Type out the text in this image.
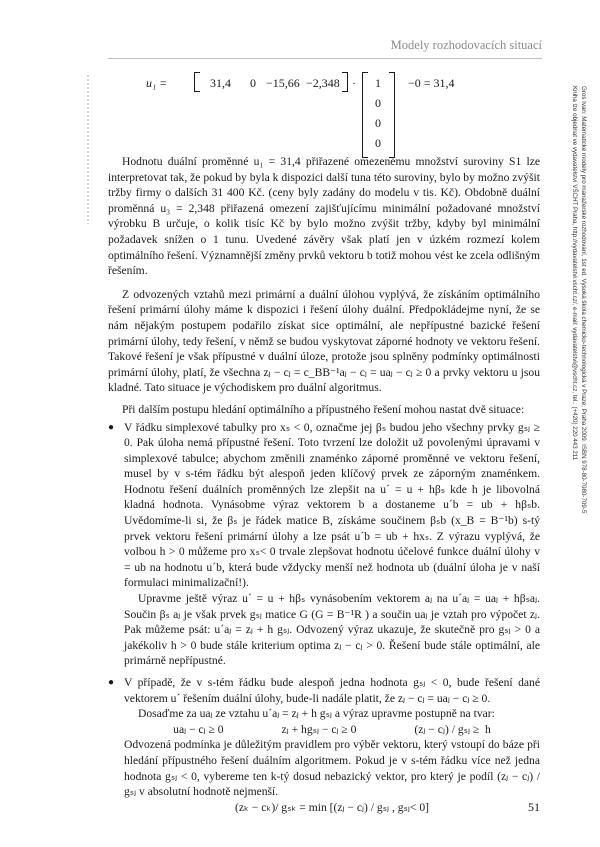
Modely rozhodovacích situací
Gros Ivan: Matematické modely pro manažerské rozhodování, 1st ed. Vysoká škola chemicko-technologická v Praze, Praha 2009. ISBN 978-80-7080-709-5
Kniha lze objednat ve vydavatelství VŠCHT Praha, http://vydavatelstvi.vscht.cz/, e-mail: vydavatelstvi@vscht.cz, tel.: (+420) 220 443 211
u₁ =	31,4 0 −15,66 −2,348 ·	1
0
0
0
−0 = 31,4

Hodnotu duální proměnné u₁ = 31,4 přiřazené omezenému množství suroviny S1 lze interpretovat tak, že pokud by byla k dispozici další tuna této suroviny, bylo by možno zvýšit tržby firmy o dalších 31 400 Kč. (ceny byly zadány do modelu v tis. Kč). Obdobně duální proměnná u₃ = 2,348 přiřazená omezení zajišťujícímu minimální požadované množství výrobku B určuje, o kolik tisíc Kč by bylo možno zvýšit tržby, kdyby byl minimální požadavek snížen o 1 tunu. Uvedené závěry však platí jen v úzkém rozmezí kolem optimálního řešení. Významnější změny prvků vektoru b totiž mohou vést ke zcela odlišným řešením.

Z odvozených vztahů mezi primární a duální úlohou vyplývá, že získáním optimálního řešení primární úlohy máme k dispozici i řešení úlohy duální. Předpokládejme nyní, že se nám nějakým postupem podařilo získat sice optimální, ale nepřípustné bazické řešení primární úlohy, tedy řešení, v němž se budou vyskytovat záporné hodnoty ve vektoru řešení. Takové řešení je však přípustné v duální úloze, protože jsou splněny podmínky optimálnosti primární úlohy, platí, že všechna zⱼ − cⱼ = c_BB⁻¹aⱼ − cⱼ = uaⱼ − cⱼ ≥ 0 a prvky vektoru u jsou kladné. Tato situace je východiskem pro duální algoritmus.

Při dalším postupu hledání optimálního a přípustného řešení mohou nastat dvě situace:

● V řádku simplexové tabulky pro xₛ < 0, označme jej βₛ budou jeho všechny prvky gₛⱼ ≥ 0. Pak úloha nemá přípustné řešení. Toto tvrzení lze doložit už povolenými úpravami v simplexové tabulce; abychom změnili znaménko záporné proměnné ve vektoru řešení, musel by v s-tém řádku být alespoň jeden klíčový prvek ze záporným znaménkem. Hodnotu řešení duálních proměnných lze zlepšit na u´ = u + hβₛ kde h je libovolná kladná hodnota. Vynásobme výraz vektorem b a dostaneme u´b = ub + hβₛb. Uvědomíme-li si, že βₛ je řádek matice B, získáme součinem βₛb (x_B = B⁻¹b) s-tý prvek vektoru řešení primární úlohy a lze psát u´b = ub + hxₛ. Z výrazu vyplývá, že volbou h > 0 můžeme pro xₛ< 0 trvale zlepšovat hodnotu účelové funkce duální úlohy v = ub na hodnotu u´b, která bude vždycky menší než hodnota ub (duální úloha je v naší formulaci minimalizační!).

Upravme ještě výraz u´ = u + hβₛ vynásobením vektorem aⱼ na u´aⱼ = uaⱼ + hβₛaⱼ. Součin βₛ aⱼ je však prvek gₛⱼ matice G (G = B⁻¹R ) a součin uaⱼ je vztah pro výpočet zⱼ. Pak můžeme psát: u´aⱼ = zⱼ + h gₛⱼ. Odvozený výraz ukazuje, že skutečně pro gₛⱼ > 0 a jakékoliv h > 0 bude stále kriterium optima zⱼ − cⱼ > 0. Řešení bude stále optimální, ale primárně nepřípustné.

● V případě, že v s-tém řádku bude alespoň jedna hodnota gₛⱼ < 0, bude řešení dané vektorem u´ řešením duální úlohy, bude-li nadále platit, že zⱼ − cⱼ = uaⱼ − cⱼ ≥ 0.

Dosaďme za uaⱼ ze vztahu u´aⱼ = zⱼ + h gₛⱼ a výraz upravme postupně na tvar:

uaⱼ − cⱼ ≥ 0                    zⱼ + hgₛⱼ − cⱼ ≥ 0                    (zⱼ − cⱼ) / gₛⱼ ≥  h

Odvozená podmínka je důležitým pravidlem pro výběr vektoru, který vstoupí do báze při hledání přípustného řešení duálním algoritmem. Pokud je v s-tém řádku více než jedna hodnota gₛⱼ < 0, vybereme ten k-tý dosud nebazický vektor, pro který je podíl (zⱼ − cⱼ) / gₛⱼ v absolutní hodnotě nejmenší.

(zₖ − cₖ)/ gₛₖ = min [(zⱼ − cⱼ) / gₛⱼ , gₛⱼ< 0]	51
